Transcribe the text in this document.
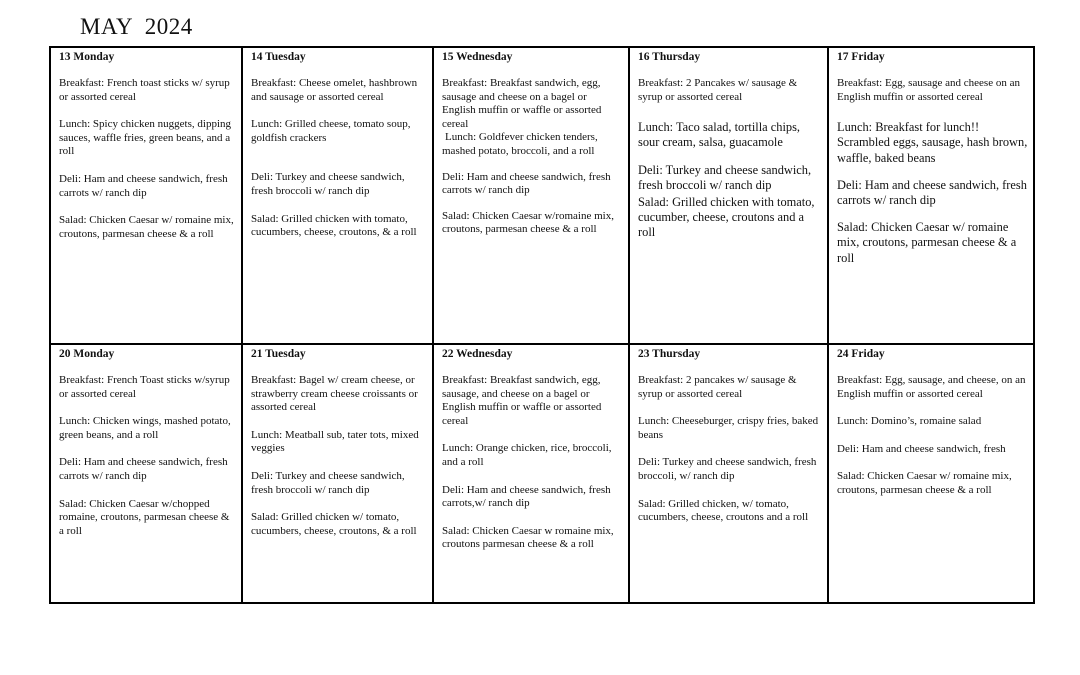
MAY 2024
13 Monday

Breakfast: French toast sticks w/ syrup or assorted cereal

Lunch: Spicy chicken nuggets, dipping sauces, waffle fries, green beans, and a roll

Deli: Ham and cheese sandwich, fresh carrots w/ ranch dip

Salad: Chicken Caesar w/ romaine mix, croutons, parmesan cheese & a roll

14 Tuesday

Breakfast: Cheese omelet, hashbrown and sausage or assorted cereal

Lunch: Grilled cheese, tomato soup, goldfish crackers

Deli: Turkey and cheese sandwich, fresh broccoli w/ ranch dip

Salad: Grilled chicken with tomato, cucumbers, cheese, croutons, & a roll

15 Wednesday

Breakfast: Breakfast sandwich, egg, sausage and cheese on a bagel or English muffin or waffle or assorted cereal

Lunch: Goldfever chicken tenders, mashed potato, broccoli, and a roll

Deli: Ham and cheese sandwich, fresh carrots w/ ranch dip

Salad: Chicken Caesar w/romaine mix, croutons, parmesan cheese & a roll

16 Thursday

Breakfast: 2 Pancakes w/ sausage & syrup or assorted cereal

Lunch: Taco salad, tortilla chips, sour cream, salsa, guacamole

Deli: Turkey and cheese sandwich, fresh broccoli w/ ranch dip

Salad: Grilled chicken with tomato, cucumber, cheese, croutons and a roll

17 Friday

Breakfast: Egg, sausage and cheese on an English muffin or assorted cereal

Lunch: Breakfast for lunch!! Scrambled eggs, sausage, hash brown, waffle, baked beans

Deli: Ham and cheese sandwich, fresh carrots w/ ranch dip

Salad: Chicken Caesar w/ romaine mix, croutons, parmesan cheese & a roll

20 Monday

Breakfast: French Toast sticks w/syrup or assorted cereal

Lunch: Chicken wings, mashed potato, green beans, and a roll

Deli: Ham and cheese sandwich, fresh carrots w/ ranch dip

Salad: Chicken Caesar w/chopped romaine, croutons, parmesan cheese & a roll

21 Tuesday

Breakfast: Bagel w/ cream cheese, or strawberry cream cheese croissants or assorted cereal

Lunch: Meatball sub, tater tots, mixed veggies

Deli: Turkey and cheese sandwich, fresh broccoli w/ ranch dip

Salad: Grilled chicken w/ tomato, cucumbers, cheese, croutons, & a roll

22 Wednesday

Breakfast: Breakfast sandwich, egg, sausage, and cheese on a bagel or English muffin or waffle or assorted cereal

Lunch: Orange chicken, rice, broccoli, and a roll

Deli: Ham and cheese sandwich, fresh carrots,w/ ranch dip

Salad: Chicken Caesar w romaine mix, croutons parmesan cheese & a roll

23 Thursday

Breakfast: 2 pancakes w/ sausage & syrup or assorted cereal

Lunch: Cheeseburger, crispy fries, baked beans

Deli: Turkey and cheese sandwich, fresh broccoli, w/ ranch dip

Salad: Grilled chicken, w/ tomato, cucumbers, cheese, croutons and a roll

24 Friday

Breakfast: Egg, sausage, and cheese, on an English muffin or assorted cereal

Lunch: Domino’s, romaine salad

Deli: Ham and cheese sandwich, fresh

Salad: Chicken Caesar w/ romaine mix, croutons, parmesan cheese & a roll
